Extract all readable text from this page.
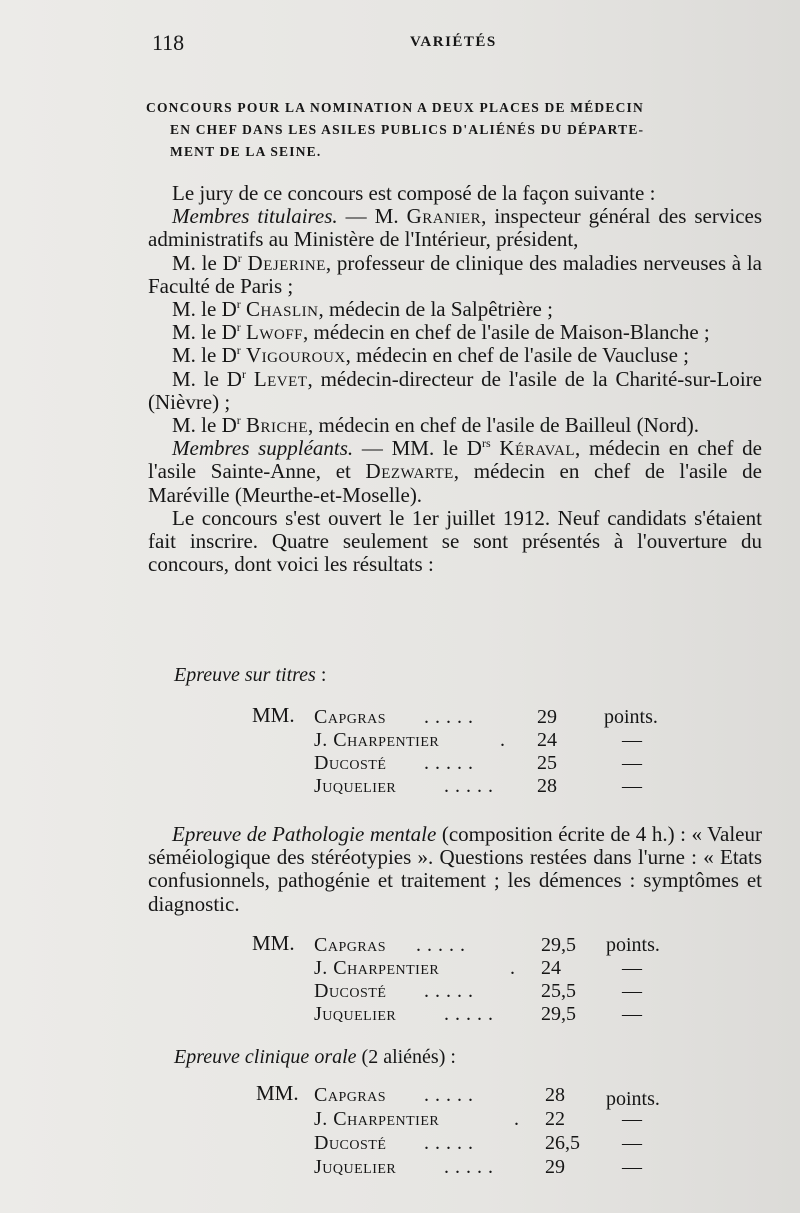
118	VARIÉTÉS
CONCOURS POUR LA NOMINATION A DEUX PLACES DE MÉDECIN
EN CHEF DANS LES ASILES PUBLICS D'ALIÉNÉS DU DÉPARTE-
MENT DE LA SEINE.
Le jury de ce concours est composé de la façon suivante :
Membres titulaires. — M. Granier, inspecteur général des services administratifs au Ministère de l'Intérieur, président,
M. le $D^r$ Dejerine, professeur de clinique des maladies nerveuses à la Faculté de Paris ;
M. le $D^r$ Chaslin, médecin de la Salpêtrière ;
M. le $D^r$ Lwoff, médecin en chef de l'asile de Maison-Blanche ;
M. le $D^r$ Vigouroux, médecin en chef de l'asile de Vaucluse ;
M. le $D^r$ Levet, médecin-directeur de l'asile de la Charité-sur-Loire (Nièvre) ;
M. le $D^r$ Briche, médecin en chef de l'asile de Bailleul (Nord).
Membres suppléants. — MM. le $D^{rs}$ Kéraval, médecin en chef de l'asile Sainte-Anne, et Dezwarte, médecin en chef de l'asile de Maréville (Meurthe-et-Moselle).
Le concours s'est ouvert le 1er juillet 1912. Neuf candidats s'étaient fait inscrire. Quatre seulement se sont présentés à l'ouverture du concours, dont voici les résultats :
Epreuve sur titres :
MM. Capgras .....	29 points.
J. Charpentier	. 24	—
Ducosté .....	25	—
Juquelier ..... 28	—
Epreuve de Pathologie mentale (composition écrite de 4 h.) : « Valeur séméiologique des stéréotypies ». Questions restées dans l'urne : « Etats confusionnels, pathogénie et traitement ; les démences : symptômes et diagnostic.
MM. Capgras .....	29,5 points.
J. Charpentier	. 24	—
Ducosté .....	25,5 —
Juquelier ..... 29,5 —
Epreuve clinique orale (2 aliénés) :
MM. Capgras .....	28 points.
J. Charpentier	. 22	—
Ducosté .....	26,5 —
Juquelier ..... 29	—
